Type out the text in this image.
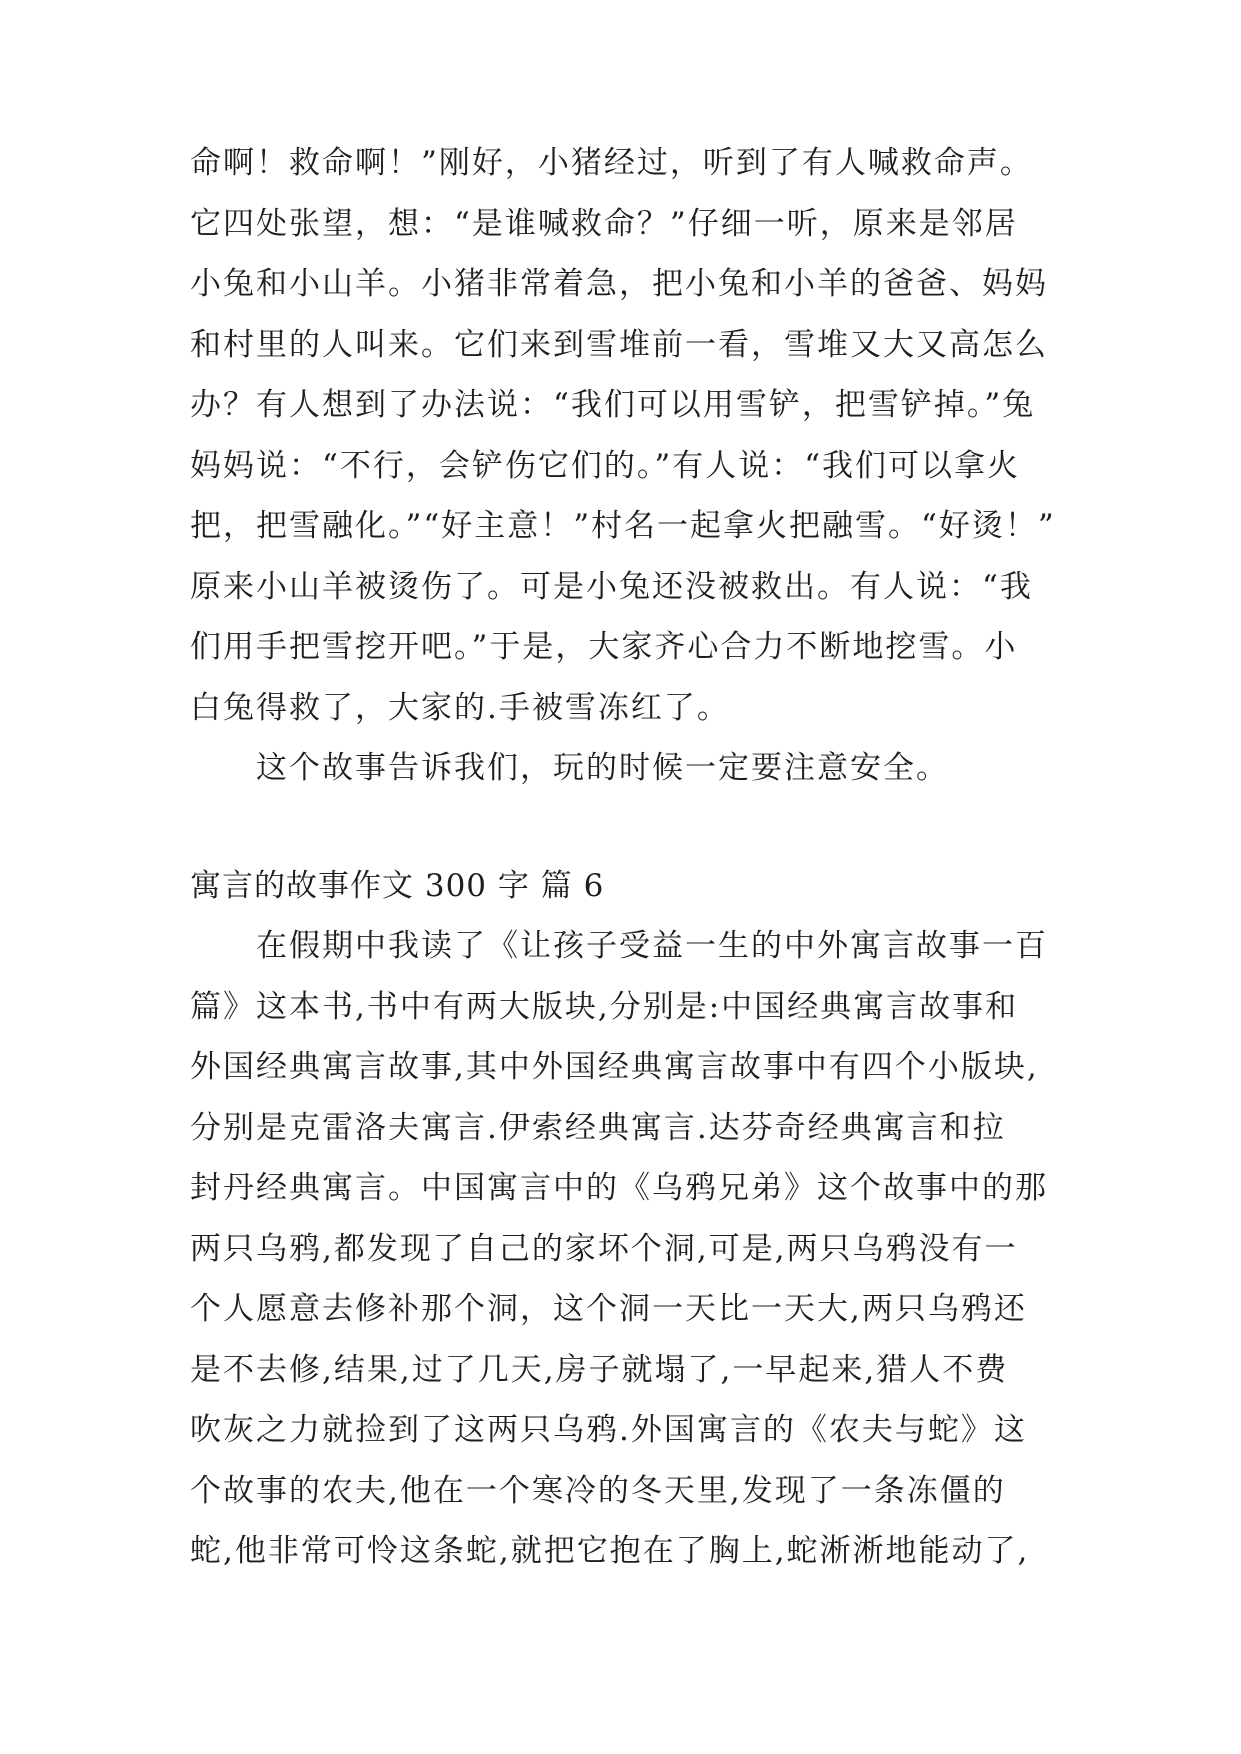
命啊！救命啊！”刚好，小猪经过，听到了有人喊救命声。
它四处张望，想：“是谁喊救命？”仔细一听，原来是邻居
小兔和小山羊。小猪非常着急，把小兔和小羊的爸爸、妈妈
和村里的人叫来。它们来到雪堆前一看，雪堆又大又高怎么
办？有人想到了办法说：“我们可以用雪铲，把雪铲掉。”兔
妈妈说：“不行，会铲伤它们的。”有人说：“我们可以拿火
把，把雪融化。”“好主意！”村名一起拿火把融雪。“好烫！”
原来小山羊被烫伤了。可是小兔还没被救出。有人说：“我
们用手把雪挖开吧。”于是，大家齐心合力不断地挖雪。小
白兔得救了，大家的.手被雪冻红了。
这个故事告诉我们，玩的时候一定要注意安全。
寓言的故事作文 300 字 篇 6
在假期中我读了《让孩子受益一生的中外寓言故事一百
篇》这本书,书中有两大版块,分别是:中国经典寓言故事和
外国经典寓言故事,其中外国经典寓言故事中有四个小版块,
分别是克雷洛夫寓言.伊索经典寓言.达芬奇经典寓言和拉
封丹经典寓言。中国寓言中的《乌鸦兄弟》这个故事中的那
两只乌鸦,都发现了自己的家坏个洞,可是,两只乌鸦没有一
个人愿意去修补那个洞，这个洞一天比一天大,两只乌鸦还
是不去修,结果,过了几天,房子就塌了,一早起来,猎人不费
吹灰之力就捡到了这两只乌鸦.外国寓言的《农夫与蛇》这
个故事的农夫,他在一个寒冷的冬天里,发现了一条冻僵的
蛇,他非常可怜这条蛇,就把它抱在了胸上,蛇淅淅地能动了,
